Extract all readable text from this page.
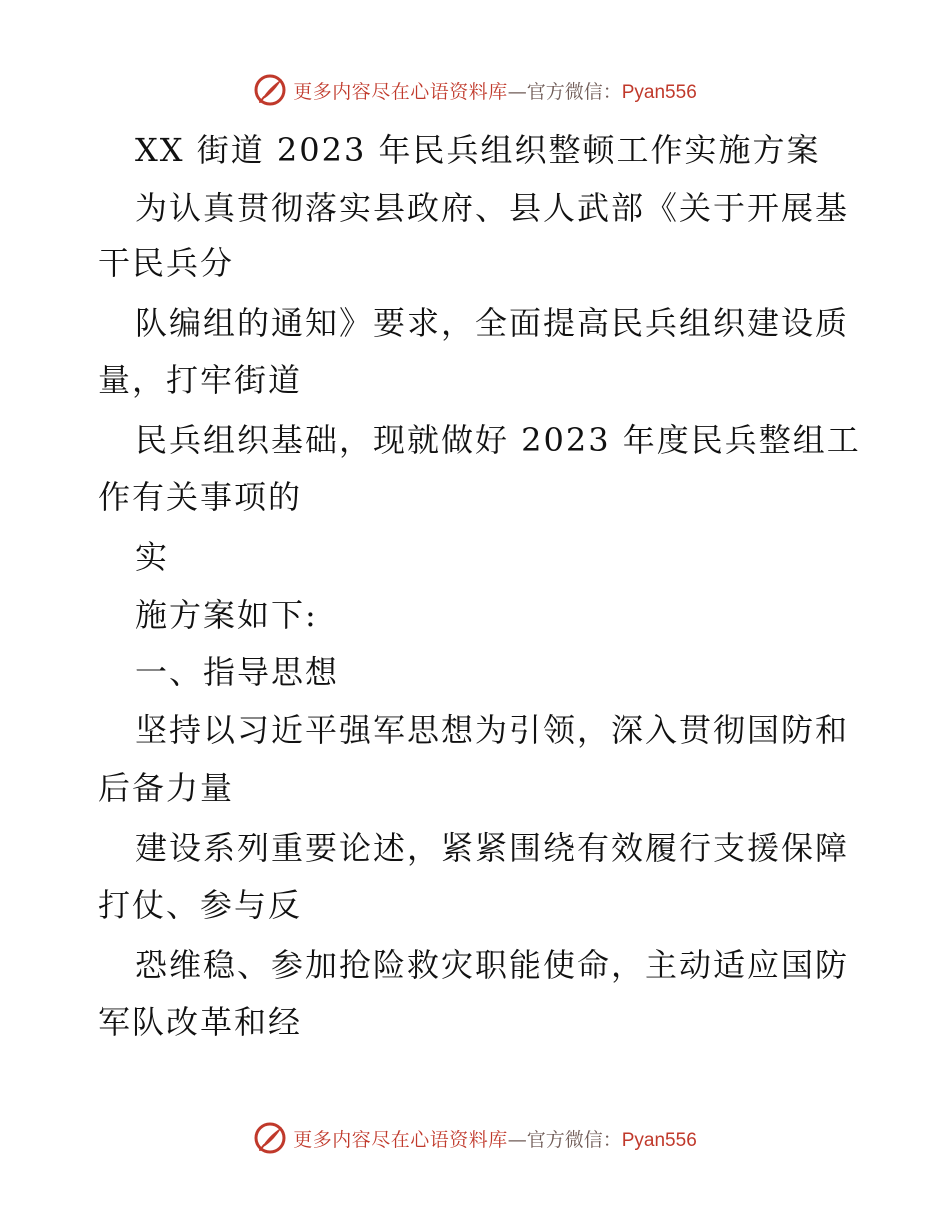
更多内容尽在心语资料库 — 官方微信： Pyan556
XX 街道 2023 年民兵组织整顿工作实施方案
为认真贯彻落实县政府、县人武部《关于开展基
干民兵分
队编组的通知》要求，全面提高民兵组织建设质
量，打牢街道
民兵组织基础，现就做好 2023 年度民兵整组工
作有关事项的
实
施方案如下:
一、指导思想
坚持以习近平强军思想为引领，深入贯彻国防和
后备力量
建设系列重要论述，紧紧围绕有效履行支援保障
打仗、参与反
恐维稳、参加抢险救灾职能使命，主动适应国防
军队改革和经
更多内容尽在心语资料库 — 官方微信： Pyan556
